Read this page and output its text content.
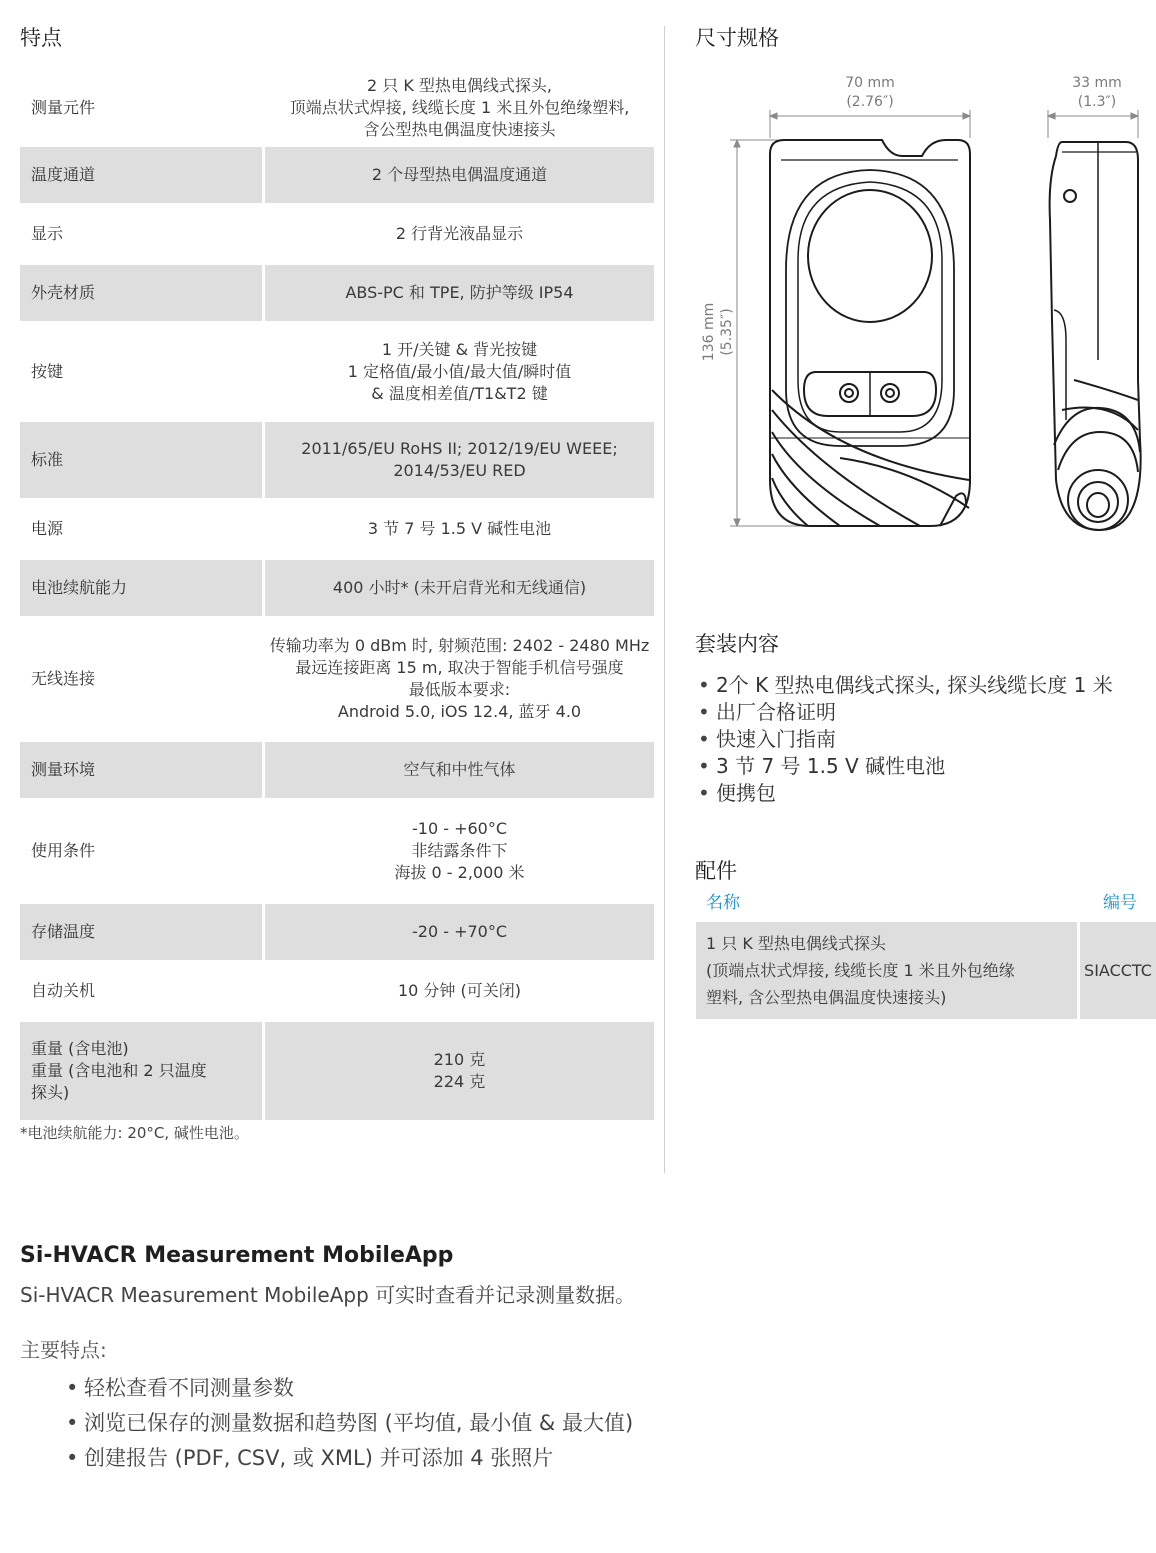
特点
测量元件	2 只 K 型热电偶线式探头,
顶端点状式焊接, 线缆长度 1 米且外包绝缘塑料,
含公型热电偶温度快速接头

温度通道	2 个母型热电偶温度通道

显示	2 行背光液晶显示

外壳材质	ABS-PC 和 TPE, 防护等级 IP54

按键	1 开/关键 & 背光按键
1 定格值/最小值/最大值/瞬时值
& 温度相差值/T1&T2 键

标准	2011/65/EU RoHS II; 2012/19/EU WEEE;
2014/53/EU RED

电源	3 节 7 号 1.5 V 碱性电池

电池续航能力	400 小时* (未开启背光和无线通信)

无线连接	传输功率为 0 dBm 时, 射频范围: 2402 - 2480 MHz
最远连接距离 15 m, 取决于智能手机信号强度
最低版本要求:
Android 5.0, iOS 12.4, 蓝牙 4.0

测量环境	空气和中性气体

使用条件	-10 - +60°C
非结露条件下
海拔 0 - 2,000 米

存储温度	-20 - +70°C

自动关机	10 分钟 (可关闭)

重量 (含电池)
重量 (含电池和 2 只温度
探头)	210 克
224 克

*电池续航能力: 20°C, 碱性电池。

尺寸规格
70 mm
(2.76″)
33 mm
(1.3″)
136 mm (5.35″)
套装内容
• 2个 K 型热电偶线式探头, 探头线缆长度 1 米
• 出厂合格证明
• 快速入门指南
• 3 节 7 号 1.5 V 碱性电池
• 便携包
配件

名称	编号

1 只 K 型热电偶线式探头
(顶端点状式焊接, 线缆长度 1 米且外包绝缘
塑料, 含公型热电偶温度快速接头)	SIACCTC
Si-HVACR Measurement MobileApp

Si-HVACR Measurement MobileApp 可实时查看并记录测量数据。

主要特点:

• 轻松查看不同测量参数
• 浏览已保存的测量数据和趋势图 (平均值, 最小值 & 最大值)
• 创建报告 (PDF, CSV, 或 XML) 并可添加 4 张照片
